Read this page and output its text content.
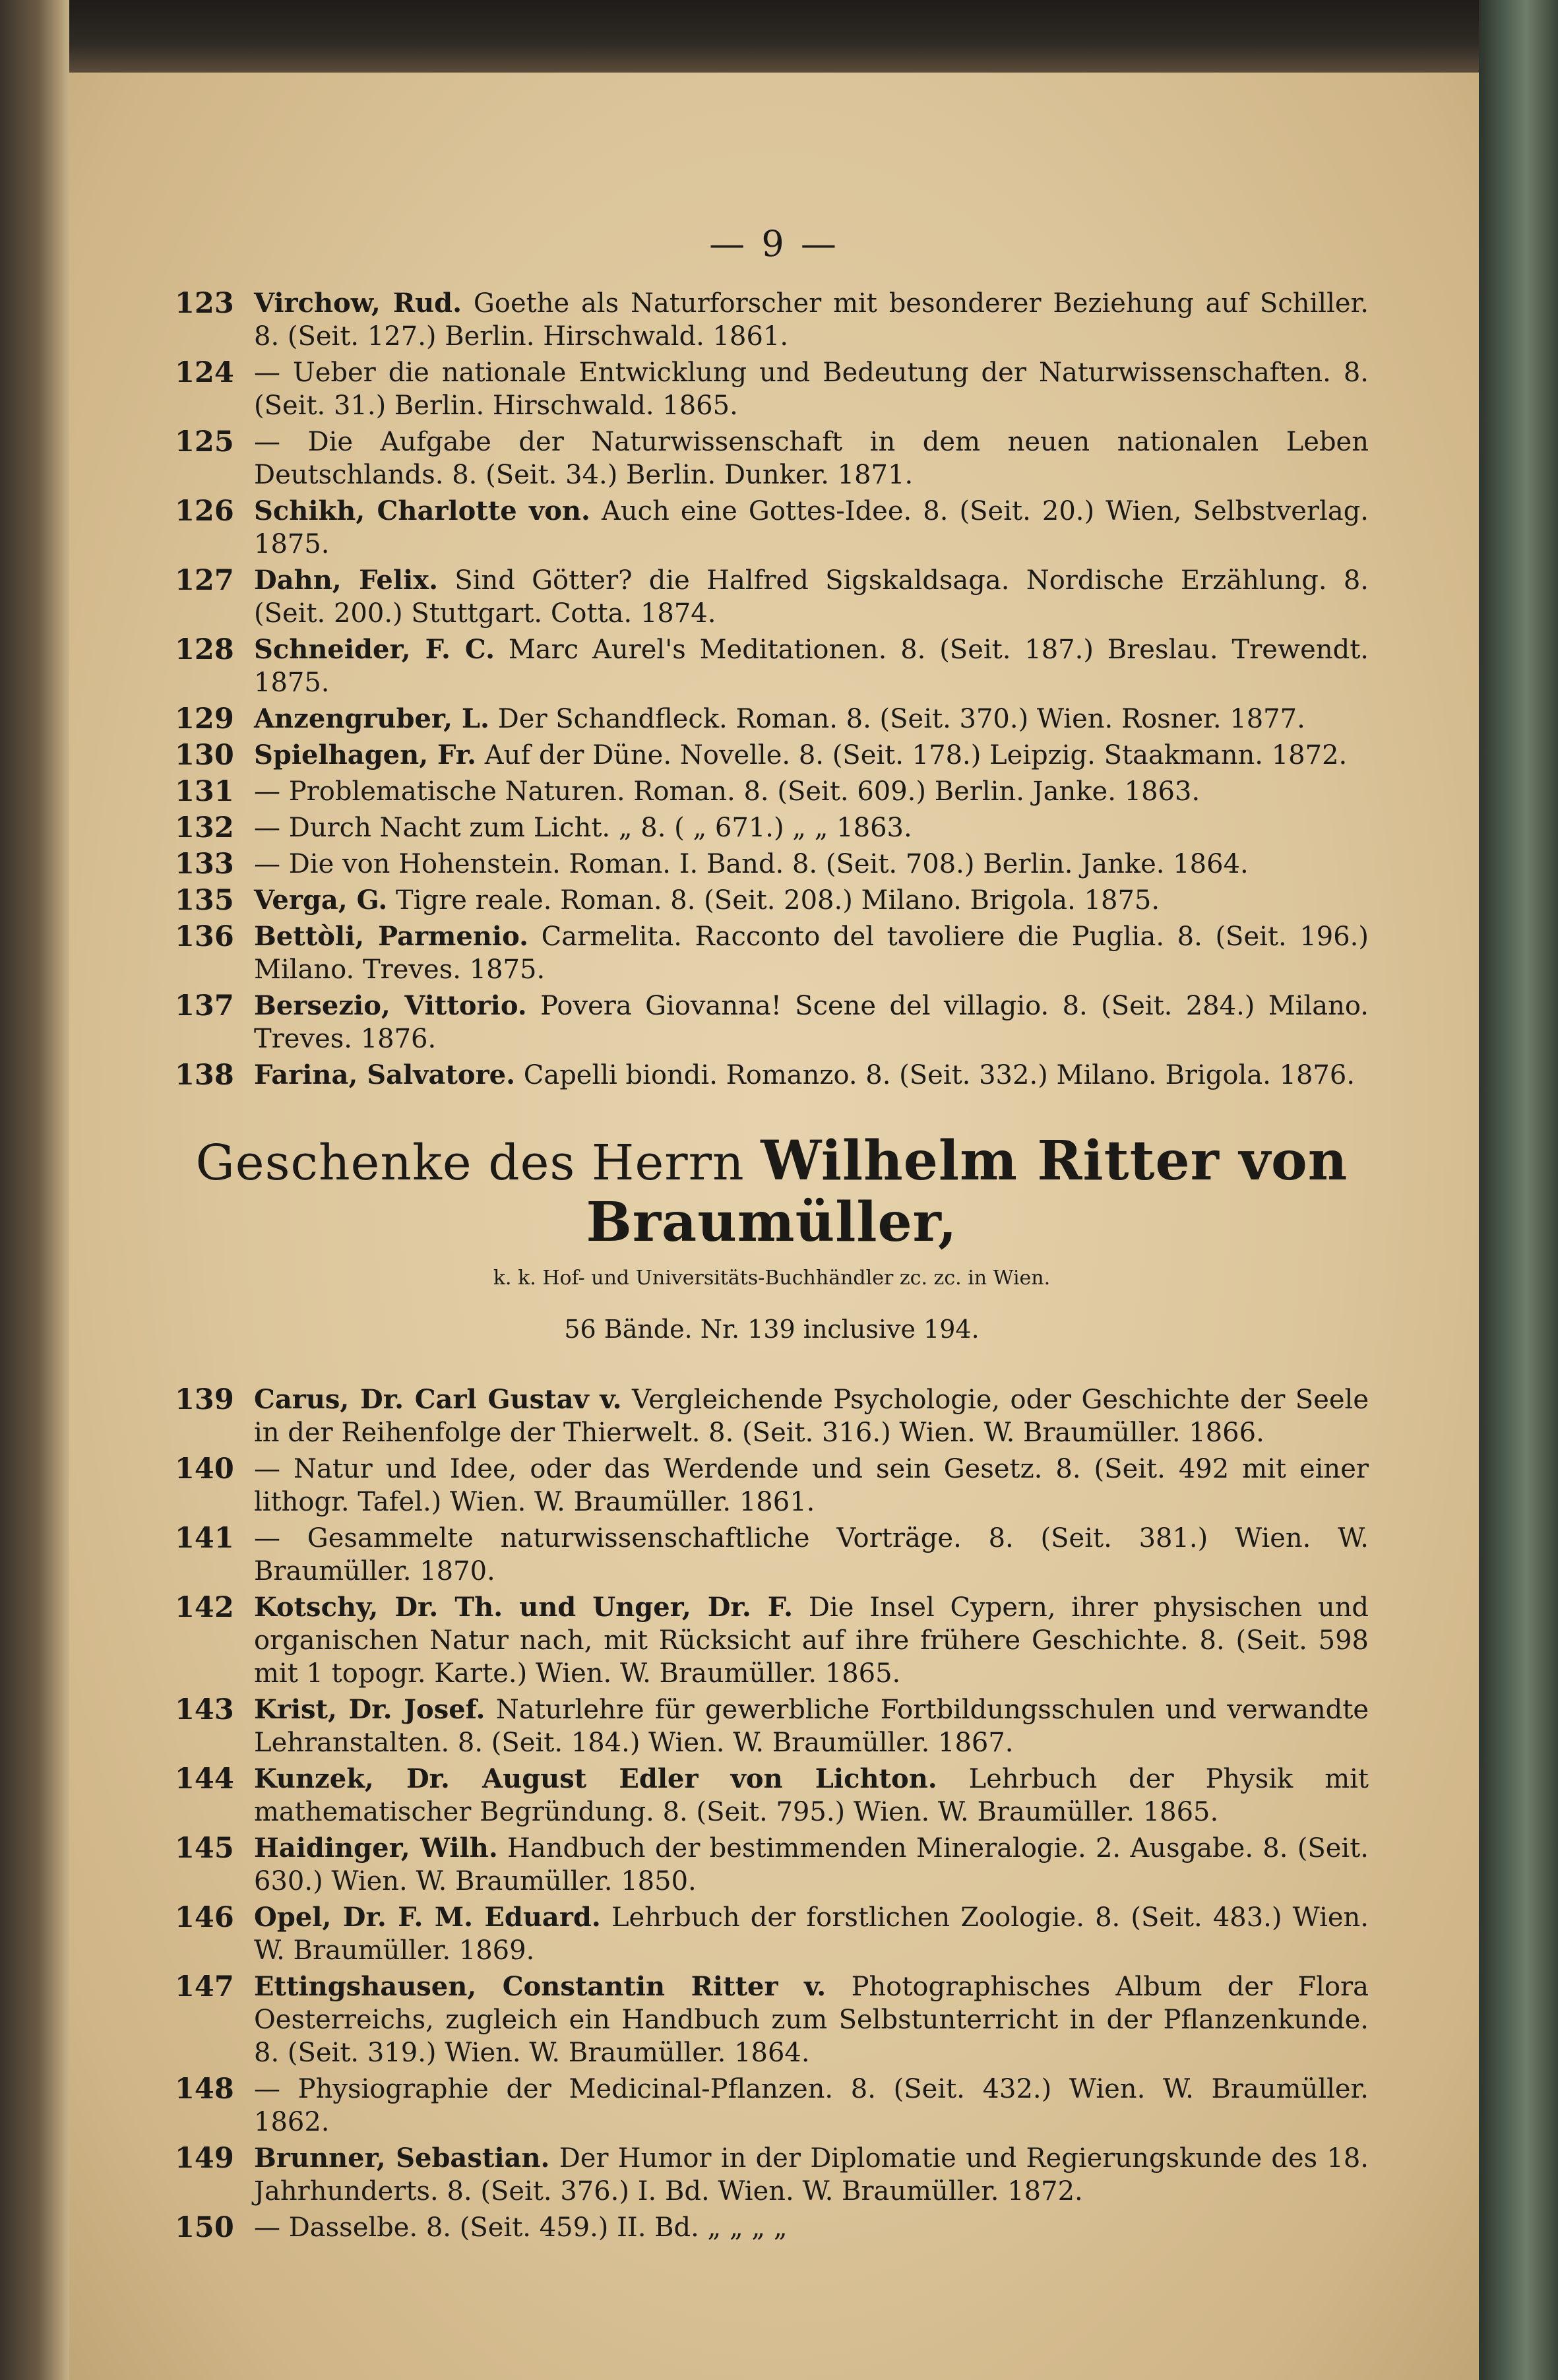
— 9 —
123 Virchow, Rud. Goethe als Naturforscher mit besonderer Beziehung auf Schiller. 8. (Seit. 127.) Berlin. Hirschwald. 1861.
124 — Ueber die nationale Entwicklung und Bedeutung der Naturwissenschaften. 8. (Seit. 31.) Berlin. Hirschwald. 1865.
125 — Die Aufgabe der Naturwissenschaft in dem neuen nationalen Leben Deutschlands. 8. (Seit. 34.) Berlin. Dunker. 1871.
126 Schikh, Charlotte von. Auch eine Gottes-Idee. 8. (Seit. 20.) Wien, Selbstverlag. 1875.
127 Dahn, Felix. Sind Götter? die Halfred Sigskaldsaga. Nordische Erzählung. 8. (Seit. 200.) Stuttgart. Cotta. 1874.
128 Schneider, F. C. Marc Aurel's Meditationen. 8. (Seit. 187.) Breslau. Trewendt. 1875.
129 Anzengruber, L. Der Schandfleck. Roman. 8. (Seit. 370.) Wien. Rosner. 1877.
130 Spielhagen, Fr. Auf der Düne. Novelle. 8. (Seit. 178.) Leipzig. Staakmann. 1872.
131 — Problematische Naturen. Roman. 8. (Seit. 609.) Berlin. Janke. 1863.
132 — Durch Nacht zum Licht. „ 8. ( „ 671.) „ „ 1863.
133 — Die von Hohenstein. Roman. I. Band. 8. (Seit. 708.) Berlin. Janke. 1864.
135 Verga, G. Tigre reale. Roman. 8. (Seit. 208.) Milano. Brigola. 1875.
136 Bettòli, Parmenio. Carmelita. Racconto del tavoliere die Puglia. 8. (Seit. 196.) Milano. Treves. 1875.
137 Bersezio, Vittorio. Povera Giovanna! Scene del villagio. 8. (Seit. 284.) Milano. Treves. 1876.
138 Farina, Salvatore. Capelli biondi. Romanzo. 8. (Seit. 332.) Milano. Brigola. 1876.
Geschenke des Herrn Wilhelm Ritter von Braumüller,
k. k. Hof- und Universitäts-Buchhändler zc. zc. in Wien.
56 Bände. Nr. 139 inclusive 194.
139 Carus, Dr. Carl Gustav v. Vergleichende Psychologie, oder Geschichte der Seele in der Reihenfolge der Thierwelt. 8. (Seit. 316.) Wien. W. Braumüller. 1866.
140 — Natur und Idee, oder das Werdende und sein Gesetz. 8. (Seit. 492 mit einer lithogr. Tafel.) Wien. W. Braumüller. 1861.
141 — Gesammelte naturwissenschaftliche Vorträge. 8. (Seit. 381.) Wien. W. Braumüller. 1870.
142 Kotschy, Dr. Th. und Unger, Dr. F. Die Insel Cypern, ihrer physischen und organischen Natur nach, mit Rücksicht auf ihre frühere Geschichte. 8. (Seit. 598 mit 1 topogr. Karte.) Wien. W. Braumüller. 1865.
143 Krist, Dr. Josef. Naturlehre für gewerbliche Fortbildungsschulen und verwandte Lehranstalten. 8. (Seit. 184.) Wien. W. Braumüller. 1867.
144 Kunzek, Dr. August Edler von Lichton. Lehrbuch der Physik mit mathematischer Begründung. 8. (Seit. 795.) Wien. W. Braumüller. 1865.
145 Haidinger, Wilh. Handbuch der bestimmenden Mineralogie. 2. Ausgabe. 8. (Seit. 630.) Wien. W. Braumüller. 1850.
146 Opel, Dr. F. M. Eduard. Lehrbuch der forstlichen Zoologie. 8. (Seit. 483.) Wien. W. Braumüller. 1869.
147 Ettingshausen, Constantin Ritter v. Photographisches Album der Flora Oesterreichs, zugleich ein Handbuch zum Selbstunterricht in der Pflanzenkunde. 8. (Seit. 319.) Wien. W. Braumüller. 1864.
148 — Physiographie der Medicinal-Pflanzen. 8. (Seit. 432.) Wien. W. Braumüller. 1862.
149 Brunner, Sebastian. Der Humor in der Diplomatie und Regierungskunde des 18. Jahrhunderts. 8. (Seit. 376.) I. Bd. Wien. W. Braumüller. 1872.
150 — Dasselbe. 8. (Seit. 459.) II. Bd. „ „ „ „
